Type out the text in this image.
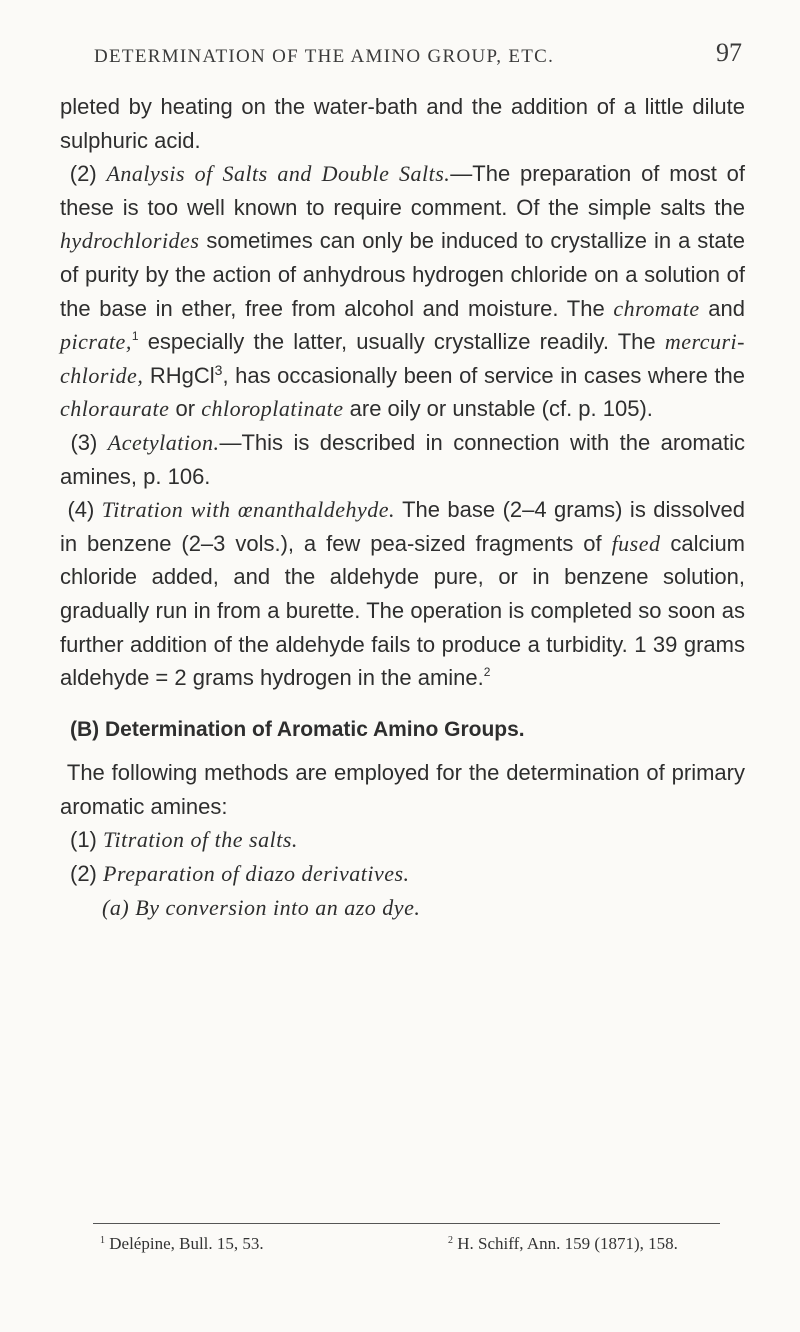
DETERMINATION OF THE AMINO GROUP, ETC.	97

pleted by heating on the water-bath and the addition of a little dilute sulphuric acid.

(2) Analysis of Salts and Double Salts.—The preparation of most of these is too well known to require comment. Of the simple salts the hydrochlorides sometimes can only be induced to crystallize in a state of purity by the action of anhydrous hydrogen chloride on a solution of the base in ether, free from alcohol and moisture. The chromate and picrate,$^1$ especially the latter, usually crystallize readily. The mercuri-chloride, RHgCl$^3$, has occasionally been of service in cases where the chloraurate or chloroplatinate are oily or unstable (cf. p. 105).

(3) Acetylation.—This is described in connection with the aromatic amines, p. 106.

(4) Titration with œnanthaldehyde. The base (2–4 grams) is dissolved in benzene (2–3 vols.), a few pea-sized fragments of fused calcium chloride added, and the aldehyde pure, or in benzene solution, gradually run in from a burette. The operation is completed so soon as further addition of the aldehyde fails to produce a turbidity. 1 39 grams aldehyde = 2 grams hydrogen in the amine.$^2$

(B) Determination of Aromatic Amino Groups.

The following methods are employed for the determination of primary aromatic amines:

(1) Titration of the salts.

(2) Preparation of diazo derivatives.

(a) By conversion into an azo dye.

$^1$ Delépine, Bull. 15, 53.	$^2$ H. Schiff, Ann. 159 (1871), 158.
